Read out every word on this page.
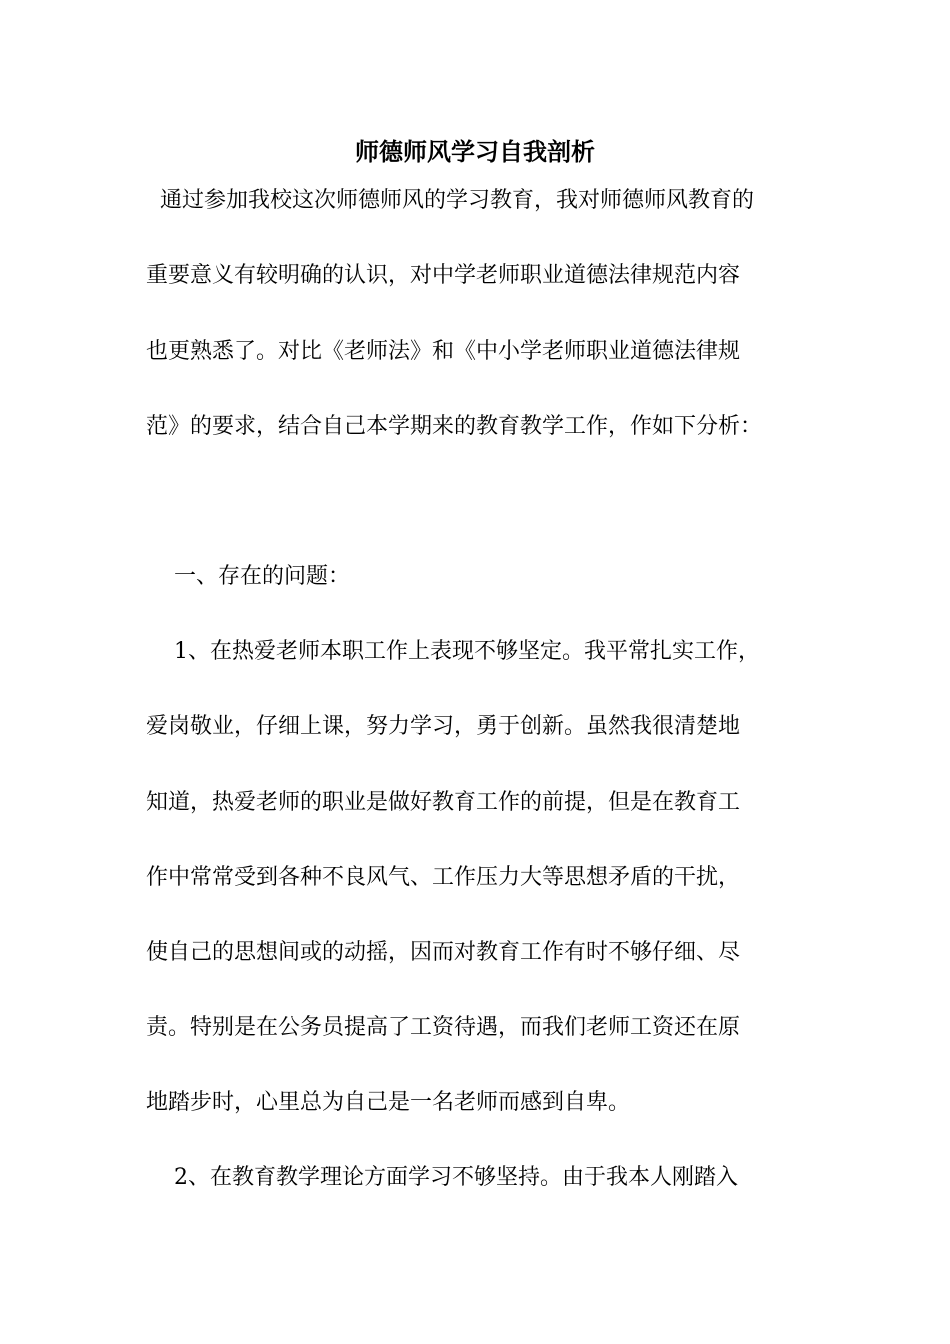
师德师风学习自我剖析
通过参加我校这次师德师风的学习教育，我对师德师风教育的
重要意义有较明确的认识，对中学老师职业道德法律规范内容
也更熟悉了。对比《老师法》和《中小学老师职业道德法律规
范》的要求，结合自己本学期来的教育教学工作，作如下分析：
一、存在的问题：
1、在热爱老师本职工作上表现不够坚定。我平常扎实工作，
爱岗敬业，仔细上课，努力学习，勇于创新。虽然我很清楚地
知道，热爱老师的职业是做好教育工作的前提，但是在教育工
作中常常受到各种不良风气、工作压力大等思想矛盾的干扰，
使自己的思想间或的动摇，因而对教育工作有时不够仔细、尽
责。特别是在公务员提高了工资待遇，而我们老师工资还在原
地踏步时，心里总为自己是一名老师而感到自卑。
2、在教育教学理论方面学习不够坚持。由于我本人刚踏入
